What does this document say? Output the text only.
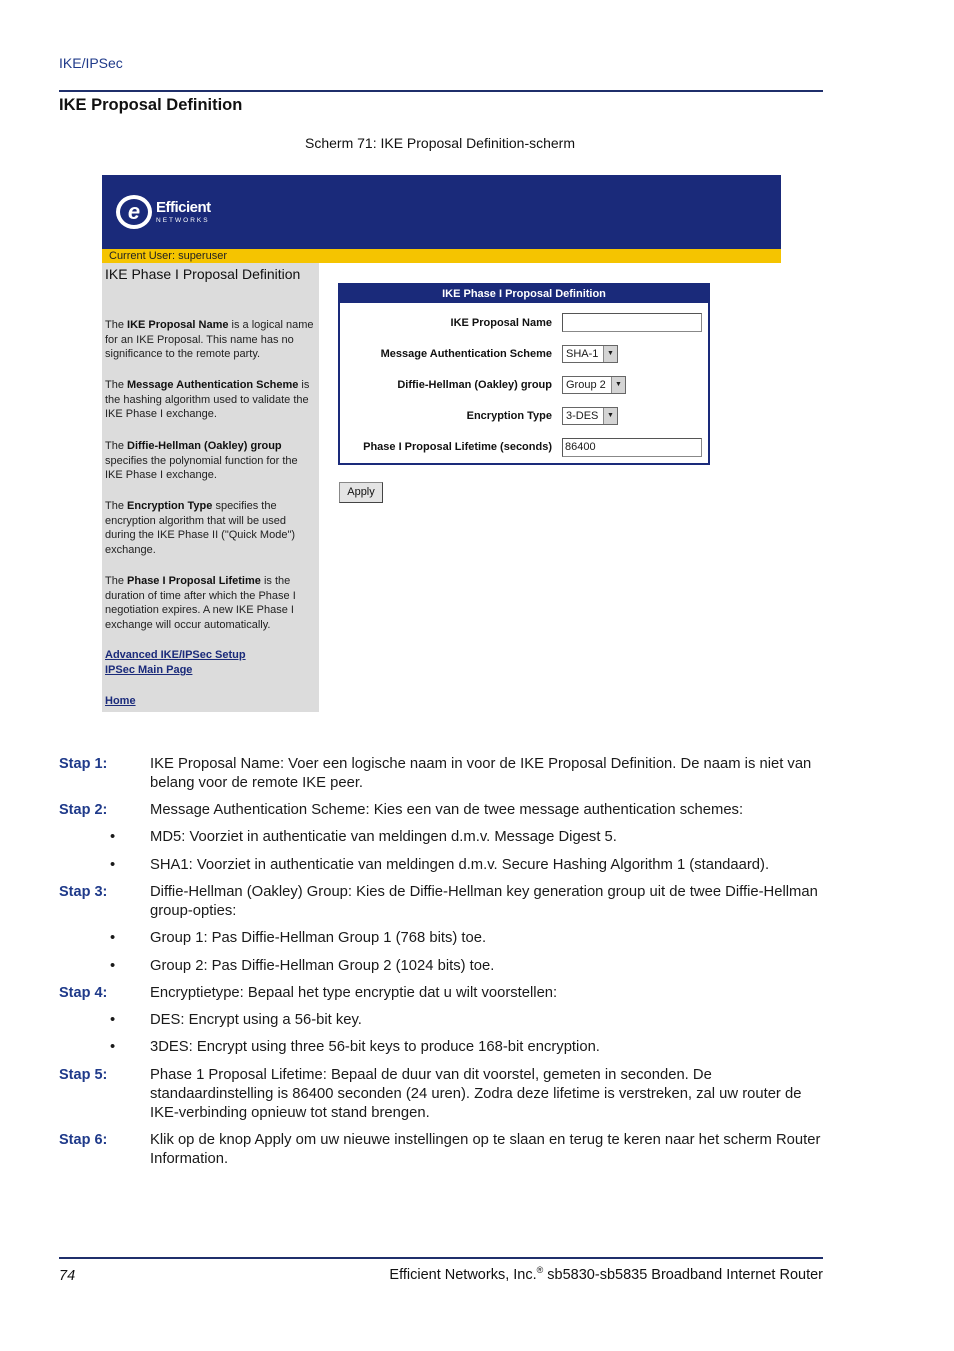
IKE/IPSec
IKE Proposal Definition
Scherm 71: IKE Proposal Definition-scherm
e	Efficient
NETWORKS
Current User: superuser
IKE Phase I Proposal Definition
The IKE Proposal Name is a logical name for an IKE Proposal. This name has no significance to the remote party.
The Message Authentication Scheme is the hashing algorithm used to validate the IKE Phase I exchange.
The Diffie-Hellman (Oakley) group specifies the polynomial function for the IKE Phase I exchange.
The Encryption Type specifies the encryption algorithm that will be used during the IKE Phase II ("Quick Mode") exchange.
The Phase I Proposal Lifetime is the duration of time after which the Phase I negotiation expires. A new IKE Phase I exchange will occur automatically.
Advanced IKE/IPSec Setup
IPSec Main Page
Home
IKE Phase I Proposal Definition
IKE Proposal Name
Message Authentication Scheme	SHA-1	▼
Diffie-Hellman (Oakley) group	Group 2	▼
Encryption Type	3-DES	▼
Phase I Proposal Lifetime (seconds) 86400
Apply
Stap 1:	IKE Proposal Name: Voer een logische naam in voor de IKE Proposal Definition. De naam is niet van belang voor de remote IKE peer.
Stap 2:	Message Authentication Scheme: Kies een van de twee message authentication schemes:
• MD5: Voorziet in authenticatie van meldingen d.m.v. Message Digest 5.
• SHA1: Voorziet in authenticatie van meldingen d.m.v. Secure Hashing Algorithm 1 (standaard).
Stap 3:	Diffie-Hellman (Oakley) Group: Kies de Diffie-Hellman key generation group uit de twee Diffie-Hellman group-opties:
• Group 1: Pas Diffie-Hellman Group 1 (768 bits) toe.
• Group 2: Pas Diffie-Hellman Group 2 (1024 bits) toe.
Stap 4:	Encryptietype: Bepaal het type encryptie dat u wilt voorstellen:
• DES: Encrypt using a 56-bit key.
• 3DES: Encrypt using three 56-bit keys to produce 168-bit encryption.
Stap 5:	Phase 1 Proposal Lifetime: Bepaal de duur van dit voorstel, gemeten in seconden. De standaardinstelling is 86400 seconden (24 uren). Zodra deze lifetime is verstreken, zal uw router de IKE-verbinding opnieuw tot stand brengen.
Stap 6:	Klik op de knop Apply om uw nieuwe instellingen op te slaan en terug te keren naar het scherm Router Information.
74	Efficient Networks, Inc.® sb5830-sb5835 Broadband Internet Router
